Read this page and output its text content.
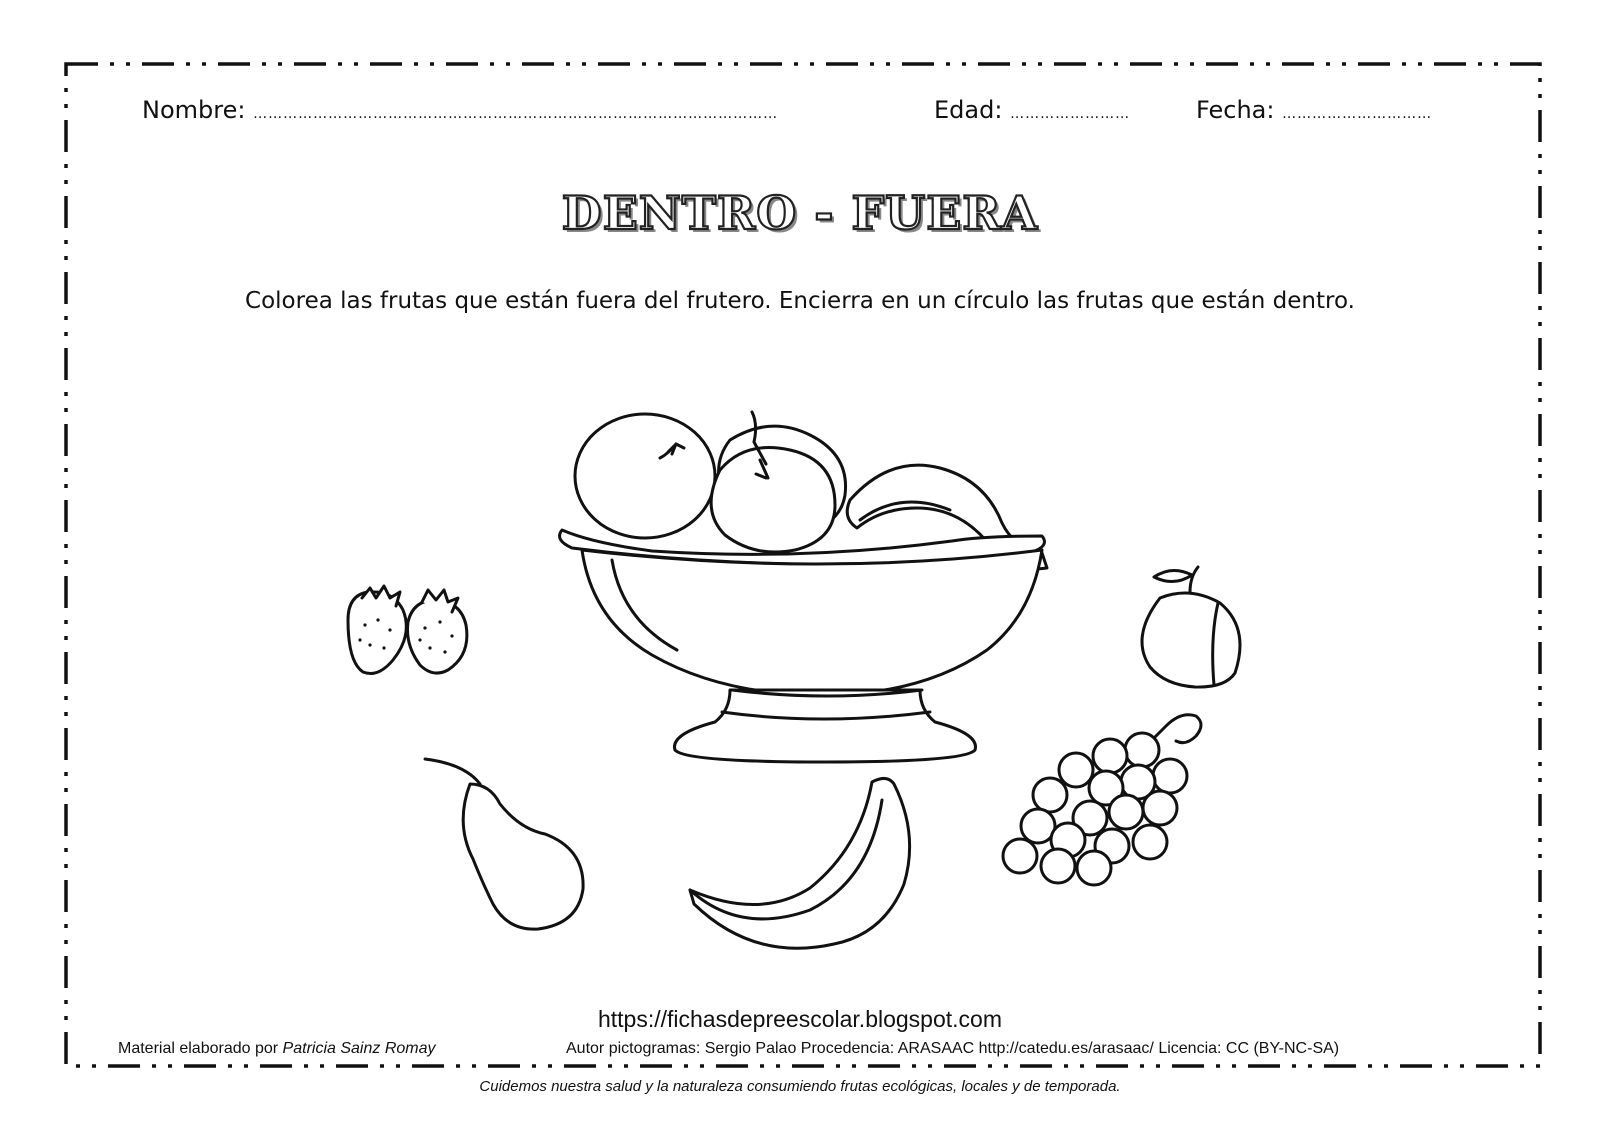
Nombre: ……………………………………………………………………………………………	Edad: ……………………	Fecha: …………………………
DENTRO - FUERA
Colorea las frutas que están fuera del frutero. Encierra en un círculo las frutas que están dentro.
https://fichasdepreescolar.blogspot.com
Material elaborado por Patricia Sainz Romay	Autor pictogramas: Sergio Palao Procedencia: ARASAAC http://catedu.es/arasaac/ Licencia: CC (BY-NC-SA)
Cuidemos nuestra salud y la naturaleza consumiendo frutas ecológicas, locales y de temporada.
